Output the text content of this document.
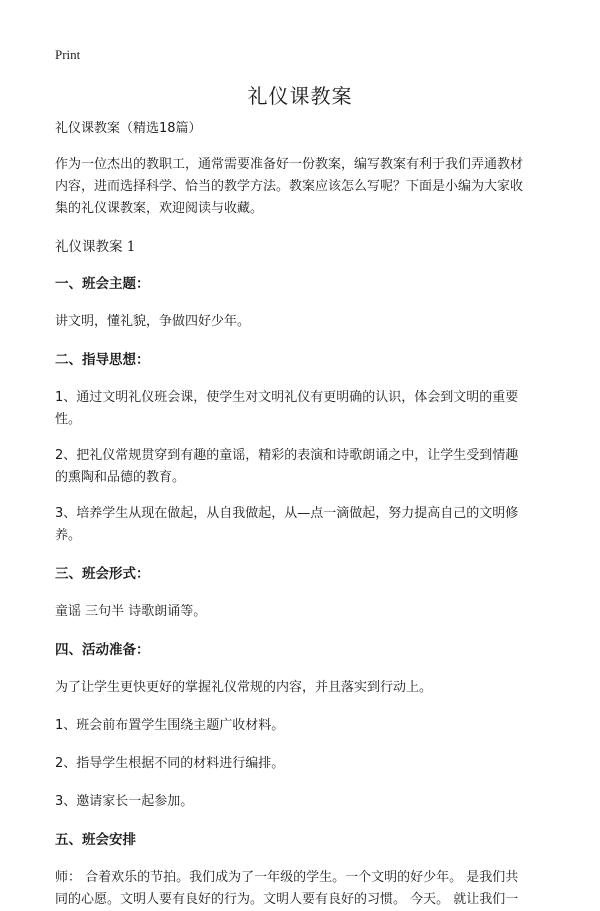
Print
礼仪课教案

礼仪课教案（精选18篇）

作为一位杰出的教职工，通常需要准备好一份教案，编写教案有利于我们弄通教材

内容，进而选择科学、恰当的教学方法。教案应该怎么写呢？下面是小编为大家收

集的礼仪课教案，欢迎阅读与收藏。

礼仪课教案 1

一、班会主题：

讲文明，懂礼貌，争做四好少年。

二、指导思想：

1、通过文明礼仪班会课，使学生对文明礼仪有更明确的认识，体会到文明的重要

性。

2、把礼仪常规贯穿到有趣的童谣，精彩的表演和诗歌朗诵之中，让学生受到情趣

的熏陶和品德的教育。

3、培养学生从现在做起，从自我做起，从—点一滴做起，努力提高自己的文明修

养。

三、班会形式：

童谣 三句半 诗歌朗诵等。

四、活动准备：

为了让学生更快更好的掌握礼仪常规的内容，并且落实到行动上。

1、班会前布置学生围绕主题广收材料。

2、指导学生根据不同的材料进行编排。

3、邀请家长一起参加。

五、班会安排

师： 合着欢乐的节拍。我们成为了一年级的学生。一个文明的好少年。 是我们共

同的心愿。文明人要有良好的行为。文明人要有良好的习惯。 今天。 就让我们一
